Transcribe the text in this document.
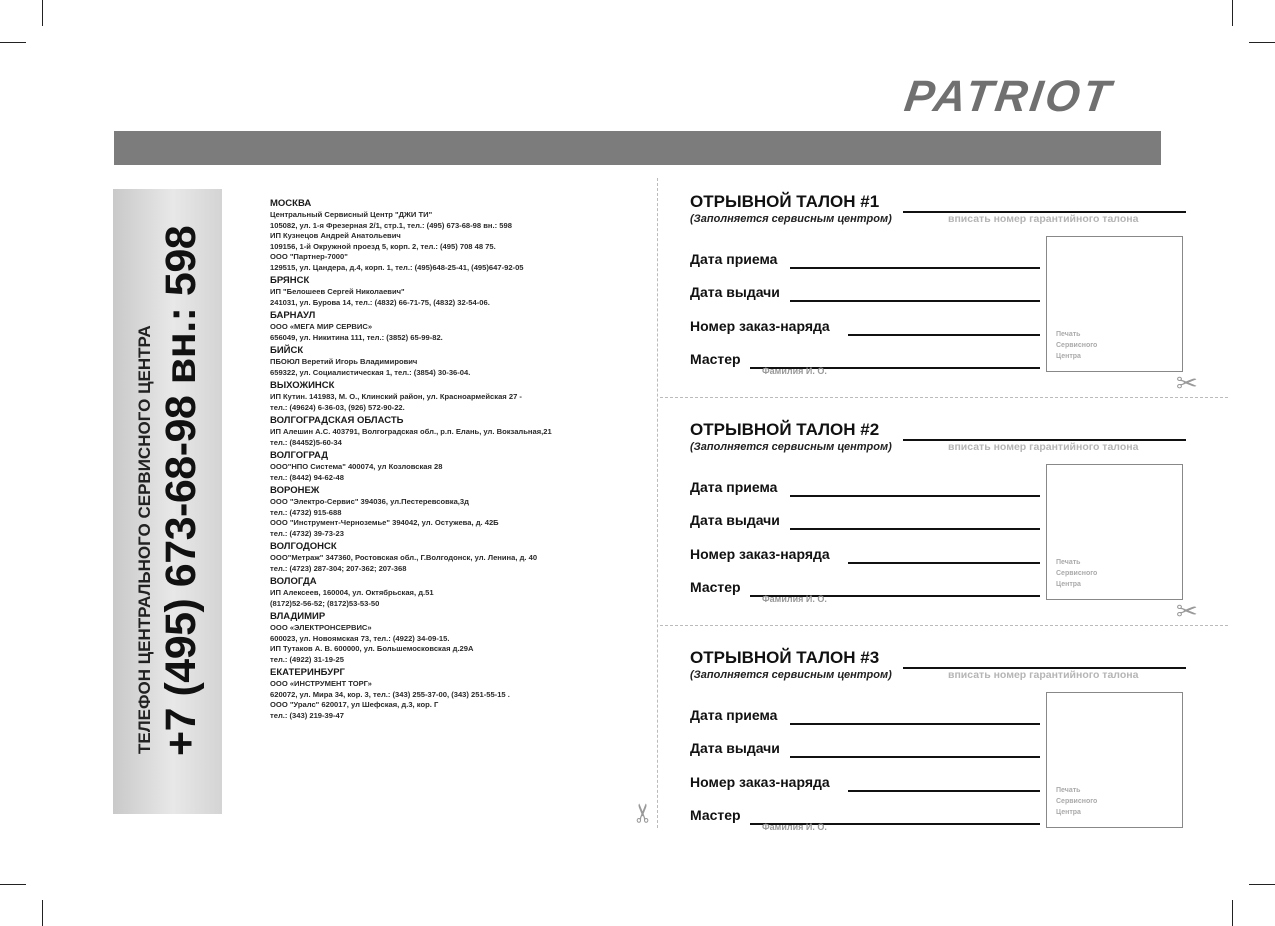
PATRIOT
ТЕЛЕФОН ЦЕНТРАЛЬНОГО СЕРВИСНОГО ЦЕНТРА +7 (495) 673-68-98 вн.: 598
МОСКВА
Центральный Сервисный Центр "ДЖИ ТИ"
105082, ул. 1-я Фрезерная 2/1, стр.1, тел.: (495) 673-68-98 вн.: 598
ИП Кузнецов Андрей Анатольевич
109156, 1-й Окружной проезд 5, корп. 2, тел.: (495) 708 48 75.
ООО "Партнер-7000"
129515, ул. Цандера, д.4, корп. 1, тел.: (495)648-25-41, (495)647-92-05
БРЯНСК
ИП "Белошеев Сергей Николаевич"
241031, ул. Бурова 14, тел.: (4832) 66-71-75, (4832) 32-54-06.
БАРНАУЛ
ООО «МЕГА МИР СЕРВИС»
656049, ул. Никитина 111, тел.: (3852) 65-99-82.
БИЙСК
ПБОЮЛ Веретий Игорь Владимирович
659322, ул. Социалистическая 1, тел.: (3854) 30-36-04.
ВЫХОЖИНСК
ИП Кутин. 141983, М. О., Клинский район, ул. Красноармейская 27 -
тел.: (49624) 6-36-03, (926) 572-90-22.
ВОЛГОГРАДСКАЯ ОБЛАСТЬ
ИП Алешин А.С. 403791, Волгоградская обл., р.п. Елань, ул. Вокзальная,21
тел.: (84452)5-60-34
ВОЛГОГРАД
ООО"НПО Система" 400074, ул Козловская 28
тел.: (8442) 94-62-48
ВОРОНЕЖ
ООО "Электро-Сервис" 394036, ул.Пестеревсовка,3д
тел.: (4732) 915-688
ООО "Инструмент-Черноземье" 394042, ул. Остужева, д. 42Б
тел.: (4732) 39-73-23
ВОЛГОДОНСК
ООО"Метраж" 347360, Ростовская обл., Г.Волгодонск, ул. Ленина, д. 40
тел.: (4723) 287-304; 207-362; 207-368
ВОЛОГДА
ИП Алексеев, 160004, ул. Октябрьская, д.51
(8172)52-56-52; (8172)53-53-50
ВЛАДИМИР
ООО «ЭЛЕКТРОНСЕРВИС»
600023, ул. Новоямская 73, тел.: (4922) 34-09-15.
ИП Тутаков А. В. 600000, ул. Большемосковская д.29А
тел.: (4922) 31-19-25
ЕКАТЕРИНБУРГ
ООО «ИНСТРУМЕНТ ТОРГ»
620072, ул. Мира 34, кор. 3, тел.: (343) 255-37-00, (343) 251-55-15 .
ООО "Уралс" 620017, ул Шефская, д.3, кор. Г
тел.: (343) 219-39-47
✂
✂
✂
ОТРЫВНОЙ ТАЛОН #1
(Заполняется сервисным центром)	вписать номер гарантийного талона
Дата приема
Дата выдачи
Номер заказ-наряда
Мастер
Фамилия И. О.
Печать
Сервисного
Центра
ОТРЫВНОЙ ТАЛОН #2
(Заполняется сервисным центром)	вписать номер гарантийного талона
Дата приема
Дата выдачи
Номер заказ-наряда
Мастер
Фамилия И. О.
Печать
Сервисного
Центра
ОТРЫВНОЙ ТАЛОН #3
(Заполняется сервисным центром)	вписать номер гарантийного талона
Дата приема
Дата выдачи
Номер заказ-наряда
Мастер
Фамилия И. О.
Печать
Сервисного
Центра
